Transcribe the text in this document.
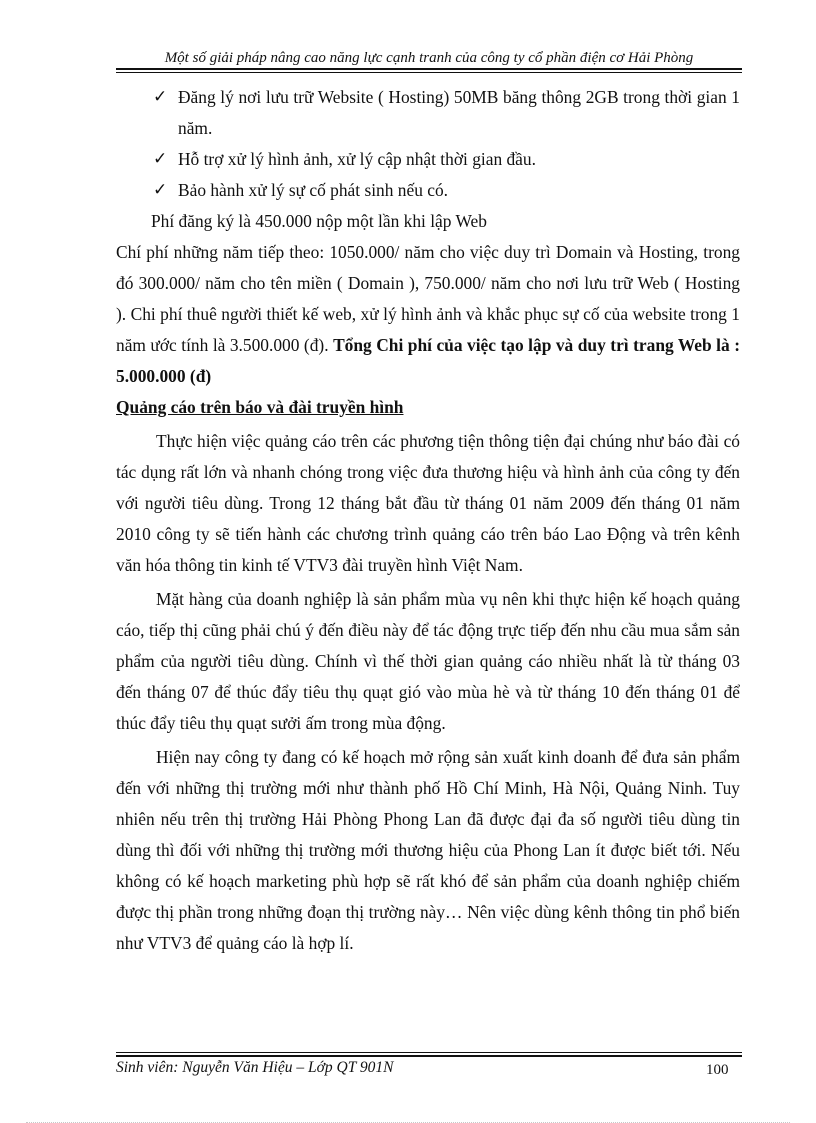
Một số giải pháp nâng cao năng lực cạnh tranh của công ty cổ phần điện cơ Hải Phòng

✓ Đăng lý nơi lưu trữ Website ( Hosting) 50MB băng thông 2GB trong thời gian 1 năm.

✓ Hỗ trợ xử lý hình ảnh, xử lý cập nhật thời gian đầu.

✓ Bảo hành xử lý sự cố phát sinh nếu có.

Phí đăng ký là 450.000 nộp một lần khi lập Web

Chí phí những năm tiếp theo: 1050.000/ năm cho việc duy trì Domain và Hosting, trong đó 300.000/ năm cho tên miền ( Domain ), 750.000/ năm cho nơi lưu trữ Web ( Hosting ). Chi phí thuê người thiết kế web, xử lý hình ảnh và khắc phục sự cố của website trong 1 năm ước tính là 3.500.000 (đ). Tổng Chi phí của việc tạo lập và duy trì trang Web là : 5.000.000 (đ)

Quảng cáo trên báo và đài truyền hình

Thực hiện việc quảng cáo trên các phương tiện thông tiện đại chúng như báo đài có tác dụng rất lớn và nhanh chóng trong việc đưa thương hiệu và hình ảnh của công ty đến với người tiêu dùng. Trong 12 tháng bắt đầu từ tháng 01 năm 2009 đến tháng 01 năm 2010 công ty sẽ tiến hành các chương trình quảng cáo trên báo Lao Động và trên kênh văn hóa thông tin kinh tế VTV3 đài truyền hình Việt Nam.

Mặt hàng của doanh nghiệp là sản phẩm mùa vụ nên khi thực hiện kế hoạch quảng cáo, tiếp thị cũng phải chú ý đến điều này để tác động trực tiếp đến nhu cầu mua sắm sản phẩm của người tiêu dùng. Chính vì thế thời gian quảng cáo nhiều nhất là từ tháng 03 đến tháng 07 để thúc đẩy tiêu thụ quạt gió vào mùa hè và từ tháng 10 đến tháng 01 để thúc đẩy tiêu thụ quạt sưởi ấm trong mùa động.

Hiện nay công ty đang có kế hoạch mở rộng sản xuất kinh doanh để đưa sản phẩm đến với những thị trường mới như thành phố Hồ Chí Minh, Hà Nội, Quảng Ninh. Tuy nhiên nếu trên thị trường Hải Phòng Phong Lan đã được đại đa số người tiêu dùng tin dùng thì đối với những thị trường mới thương hiệu của Phong Lan ít được biết tới. Nếu không có kế hoạch marketing phù hợp sẽ rất khó để sản phẩm của doanh nghiệp chiếm được thị phần trong những đoạn thị trường này… Nên việc dùng kênh thông tin phổ biến như VTV3 để quảng cáo là hợp lí.

Sinh viên: Nguyễn Văn Hiệu – Lớp QT 901N	100
